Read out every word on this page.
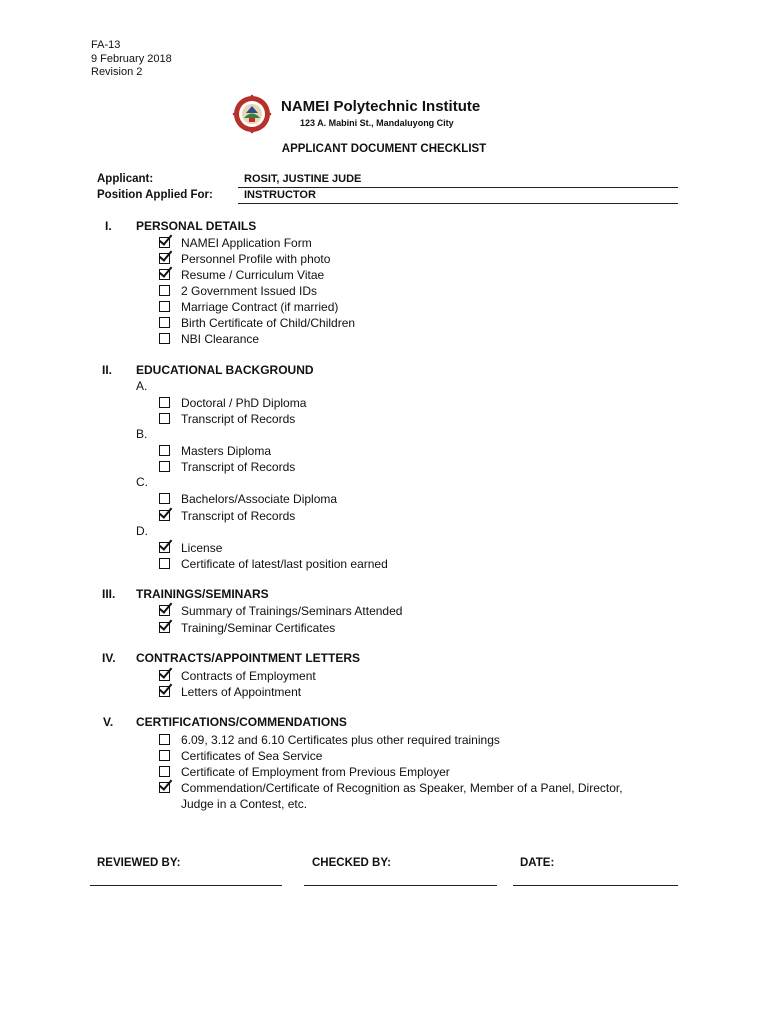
FA-13
9 February 2018
Revision 2
NAMEI Polytechnic Institute
123 A. Mabini St., Mandaluyong City
APPLICANT DOCUMENT CHECKLIST
Applicant:	ROSIT, JUSTINE JUDE
Position Applied For:	INSTRUCTOR
I. PERSONAL DETAILS
NAMEI Application Form
Personnel Profile with photo
Resume / Curriculum Vitae
2 Government Issued IDs
Marriage Contract (if married)
Birth Certificate of Child/Children
NBI Clearance
II. EDUCATIONAL BACKGROUND
A.
Doctoral / PhD Diploma
Transcript of Records
B.
Masters Diploma
Transcript of Records
C.
Bachelors/Associate Diploma
Transcript of Records
D.
License
Certificate of latest/last position earned
III. TRAININGS/SEMINARS
Summary of Trainings/Seminars Attended
Training/Seminar Certificates
IV. CONTRACTS/APPOINTMENT LETTERS
Contracts of Employment
Letters of Appointment
V. CERTIFICATIONS/COMMENDATIONS
6.09, 3.12 and 6.10 Certificates plus other required trainings
Certificates of Sea Service
Certificate of Employment from Previous Employer
Commendation/Certificate of Recognition as Speaker, Member of a Panel, Director, Judge in a Contest, etc.
REVIEWED BY:	CHECKED BY:	DATE:
